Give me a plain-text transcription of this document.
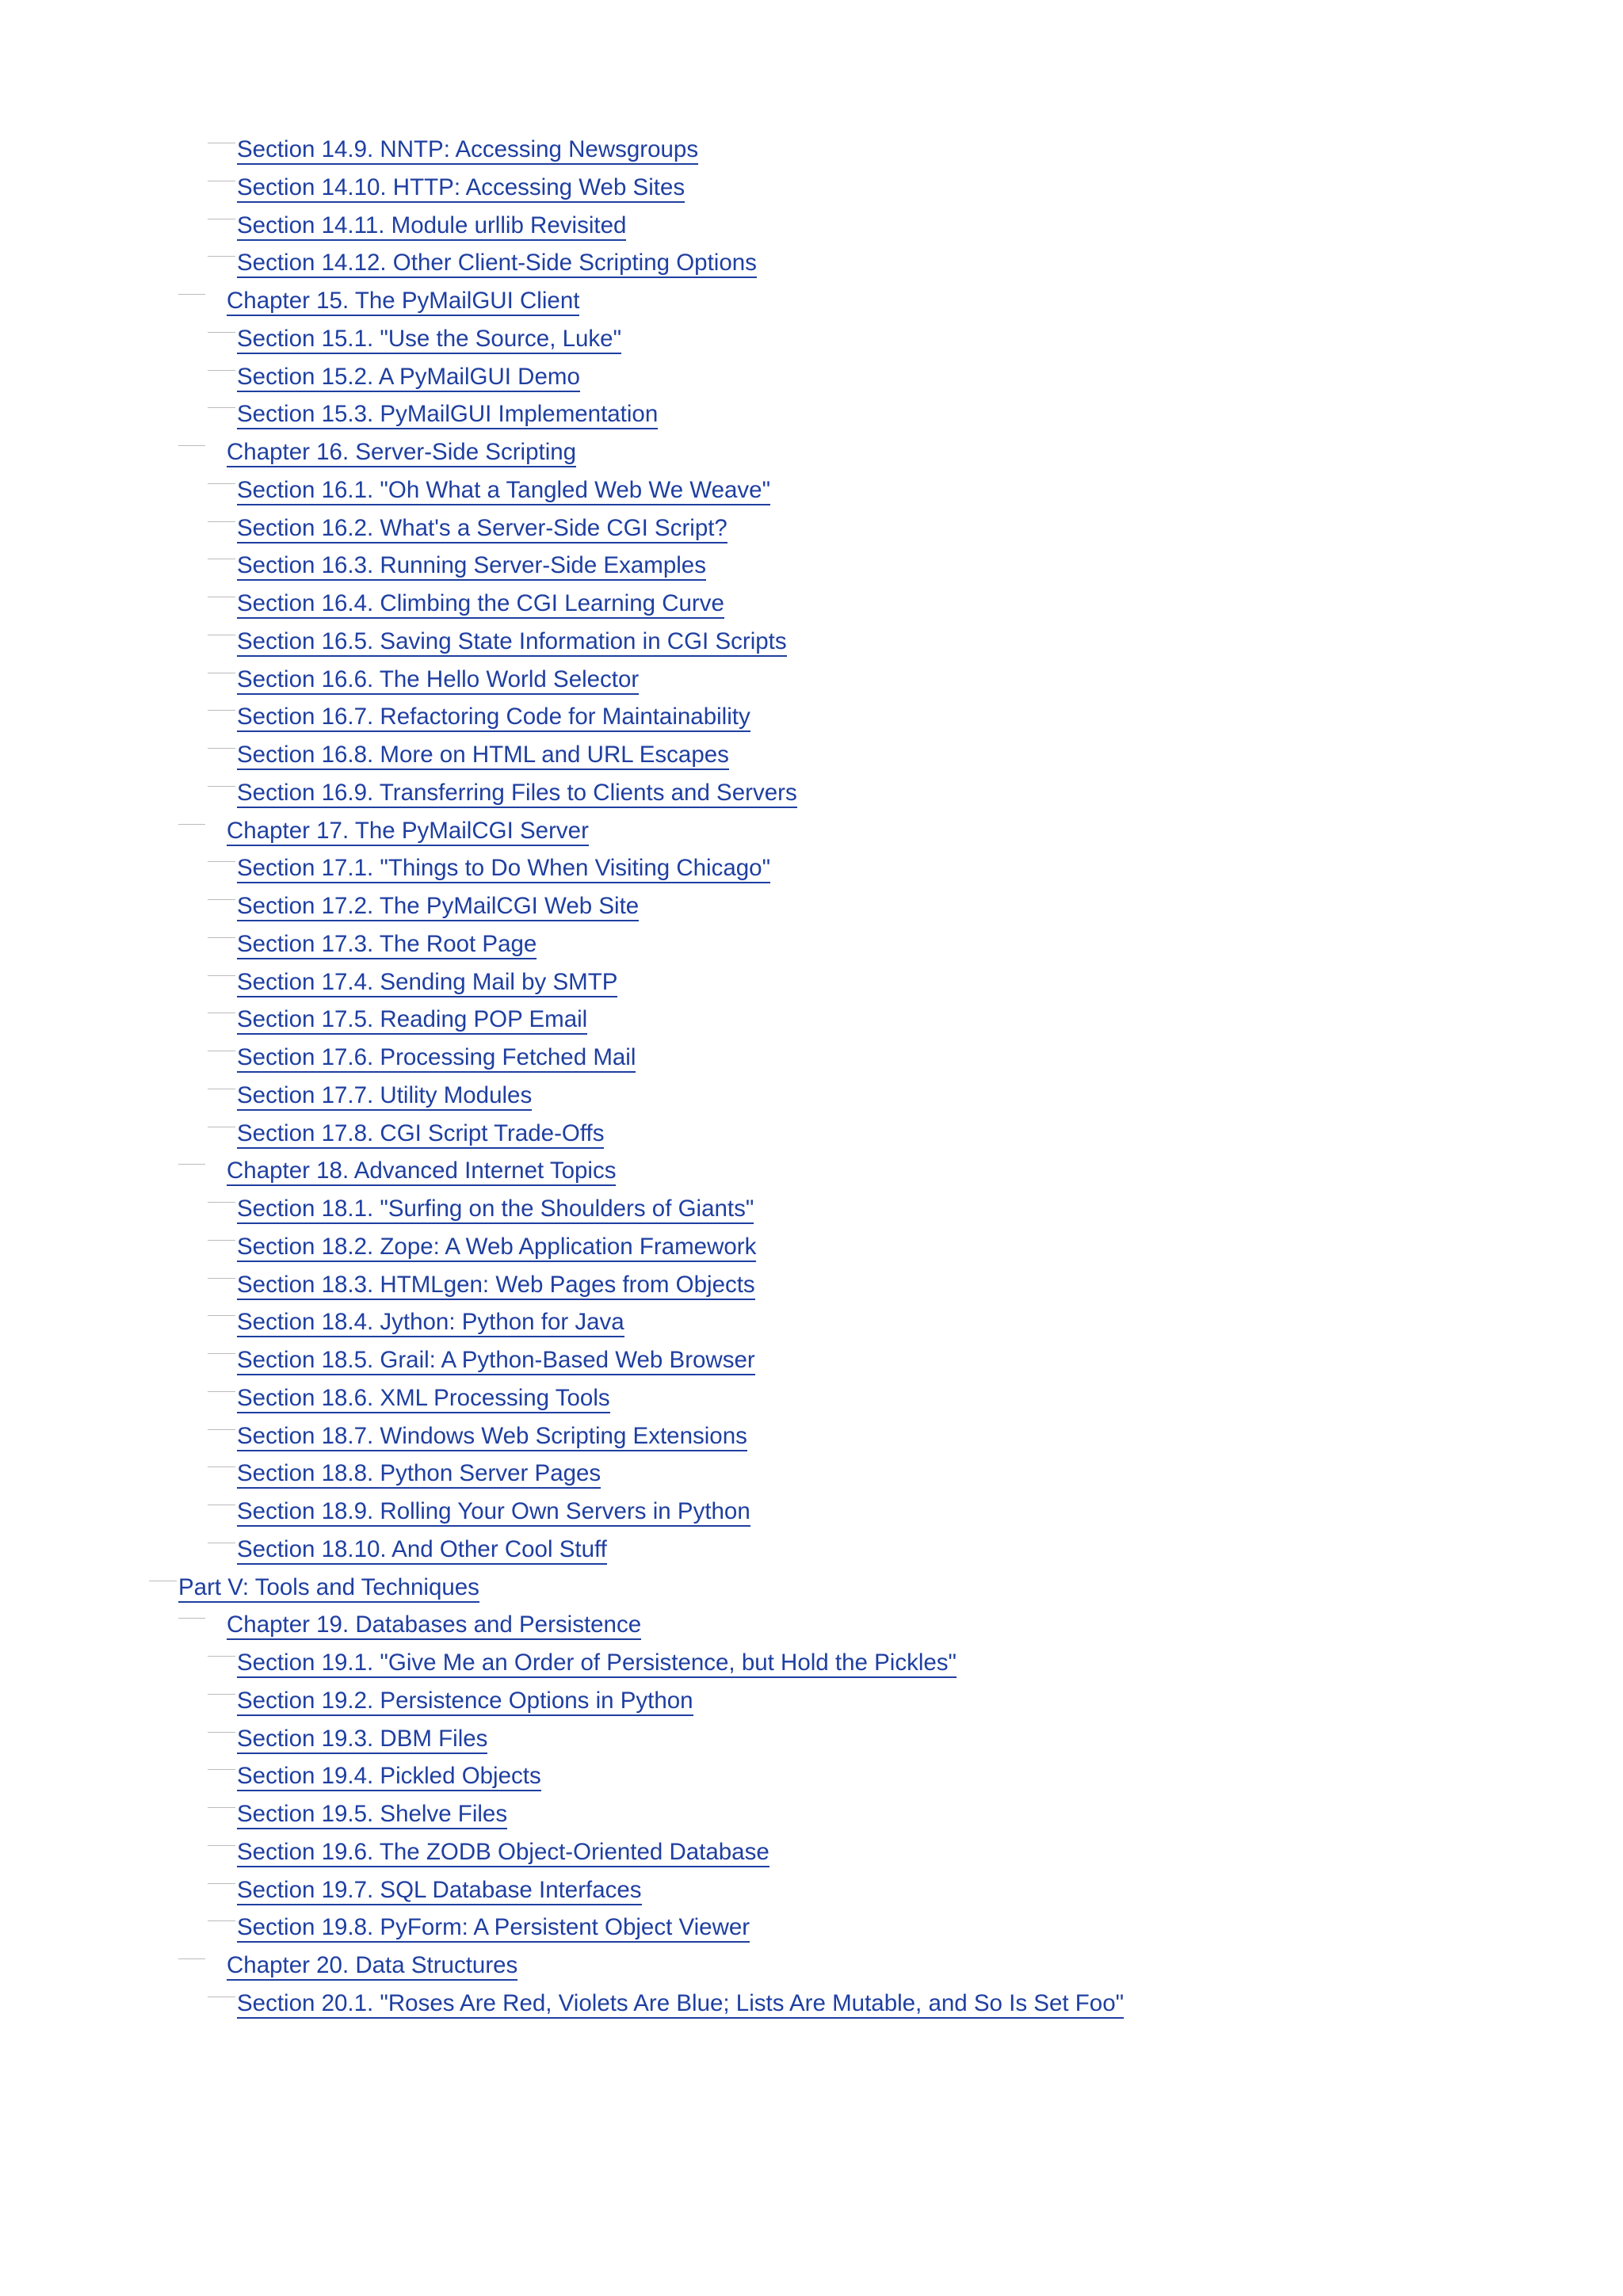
Section 14.9. NNTP: Accessing Newsgroups
Section 14.10. HTTP: Accessing Web Sites
Section 14.11. Module urllib Revisited
Section 14.12. Other Client-Side Scripting Options
Chapter 15. The PyMailGUI Client
Section 15.1. "Use the Source, Luke"
Section 15.2. A PyMailGUI Demo
Section 15.3. PyMailGUI Implementation
Chapter 16. Server-Side Scripting
Section 16.1. "Oh What a Tangled Web We Weave"
Section 16.2. What's a Server-Side CGI Script?
Section 16.3. Running Server-Side Examples
Section 16.4. Climbing the CGI Learning Curve
Section 16.5. Saving State Information in CGI Scripts
Section 16.6. The Hello World Selector
Section 16.7. Refactoring Code for Maintainability
Section 16.8. More on HTML and URL Escapes
Section 16.9. Transferring Files to Clients and Servers
Chapter 17. The PyMailCGI Server
Section 17.1. "Things to Do When Visiting Chicago"
Section 17.2. The PyMailCGI Web Site
Section 17.3. The Root Page
Section 17.4. Sending Mail by SMTP
Section 17.5. Reading POP Email
Section 17.6. Processing Fetched Mail
Section 17.7. Utility Modules
Section 17.8. CGI Script Trade-Offs
Chapter 18. Advanced Internet Topics
Section 18.1. "Surfing on the Shoulders of Giants"
Section 18.2. Zope: A Web Application Framework
Section 18.3. HTMLgen: Web Pages from Objects
Section 18.4. Jython: Python for Java
Section 18.5. Grail: A Python-Based Web Browser
Section 18.6. XML Processing Tools
Section 18.7. Windows Web Scripting Extensions
Section 18.8. Python Server Pages
Section 18.9. Rolling Your Own Servers in Python
Section 18.10. And Other Cool Stuff
Part V: Tools and Techniques
Chapter 19. Databases and Persistence
Section 19.1. "Give Me an Order of Persistence, but Hold the Pickles"
Section 19.2. Persistence Options in Python
Section 19.3. DBM Files
Section 19.4. Pickled Objects
Section 19.5. Shelve Files
Section 19.6. The ZODB Object-Oriented Database
Section 19.7. SQL Database Interfaces
Section 19.8. PyForm: A Persistent Object Viewer
Chapter 20. Data Structures
Section 20.1. "Roses Are Red, Violets Are Blue; Lists Are Mutable, and So Is Set Foo"
